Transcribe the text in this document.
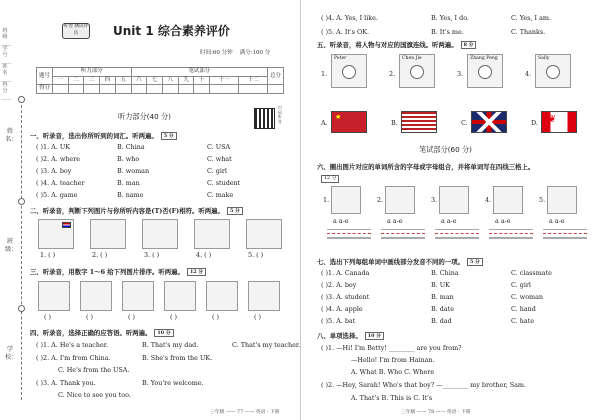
班级____ 学号____ 姓名____ 得分____
姓名：
班级：
学校：
好卷 测试评估	Unit 1 综合素养评价
时间:60 分钟 满分:100 分
题号	听力部分					笔试部分							总分
	一	二	三	四	五	六	七	八	九	十	十一	十二	
得分													
听力部分(40 分)
扫码听音
一、听录音，选出你所听到的词汇。听两遍。 5 分
( )1. A. UK	B. China	C. USA
( )2. A. where	B. who	C. what
( )3. A. boy	B. woman	C. girl
( )4. A. teacher	B. man	C. student
( )5. A. game	B. name	C. make
二、听录音，判断下列图片与你所听内容是(T)否(F)相符。听两遍。 5 分
1. ( )	2. ( )	3. ( )	4. ( )	5. ( )
三、听录音，用数字 1～6 给下列图片排序。听两遍。 12 分
( )	( )	( )	( )	( )	( )
四、听录音，选择正确的应答语。听两遍。 10 分
( )1. A. He's a teacher.	B. That's my dad.	C. That's my teacher.
( )2. A. I'm from China.	B. She's from the UK.
C. He's from the USA.
( )3. A. Thank you.	B. You're welcome.
C. Nice to see you too.
三年级 —— 77 —— 英语 · 下册
( )4. A. Yes, I like.	B. Yes, I do.	C. Yes, I am.
( )5. A. It's OK.	B. It's me.	C. Thanks.
五、听录音，将人物与对应的国旗连线。听两遍。 8 分
1.
Peter
2.
Chen Jie
3.
Zhang Peng
4.
Sally
A.	B.	C.	D.
★	❦
笔试部分(60 分)
六、圈出图片对应的单词所含的字母或字母组合，并将单词写在四线三格上。
12 分
1.
a a-e
2.
a a-e
3.
a a-e
4.
a a-e
5.
a a-e
七、选出下列每组单词中画线部分发音不同的一项。 5 分
( )1. A. Canada	B. China	C. classmate
( )2. A. boy	B. UK	C. girl
( )3. A. student	B. man	C. woman
( )4. A. apple	B. date	C. hand
( )5. A. bat	B. dad	C. hate
八、单项选择。 10 分
( )1. —Hi! I'm Betty! ________ are you from?
—Hello! I'm from Hainan.
A. What B. Who C. Where
( )2. —Hey, Sarah! Who's that boy? —________ my brother, Sam.
A. That's B. This is C. It's
三年级 —— 78 —— 英语 · 下册
